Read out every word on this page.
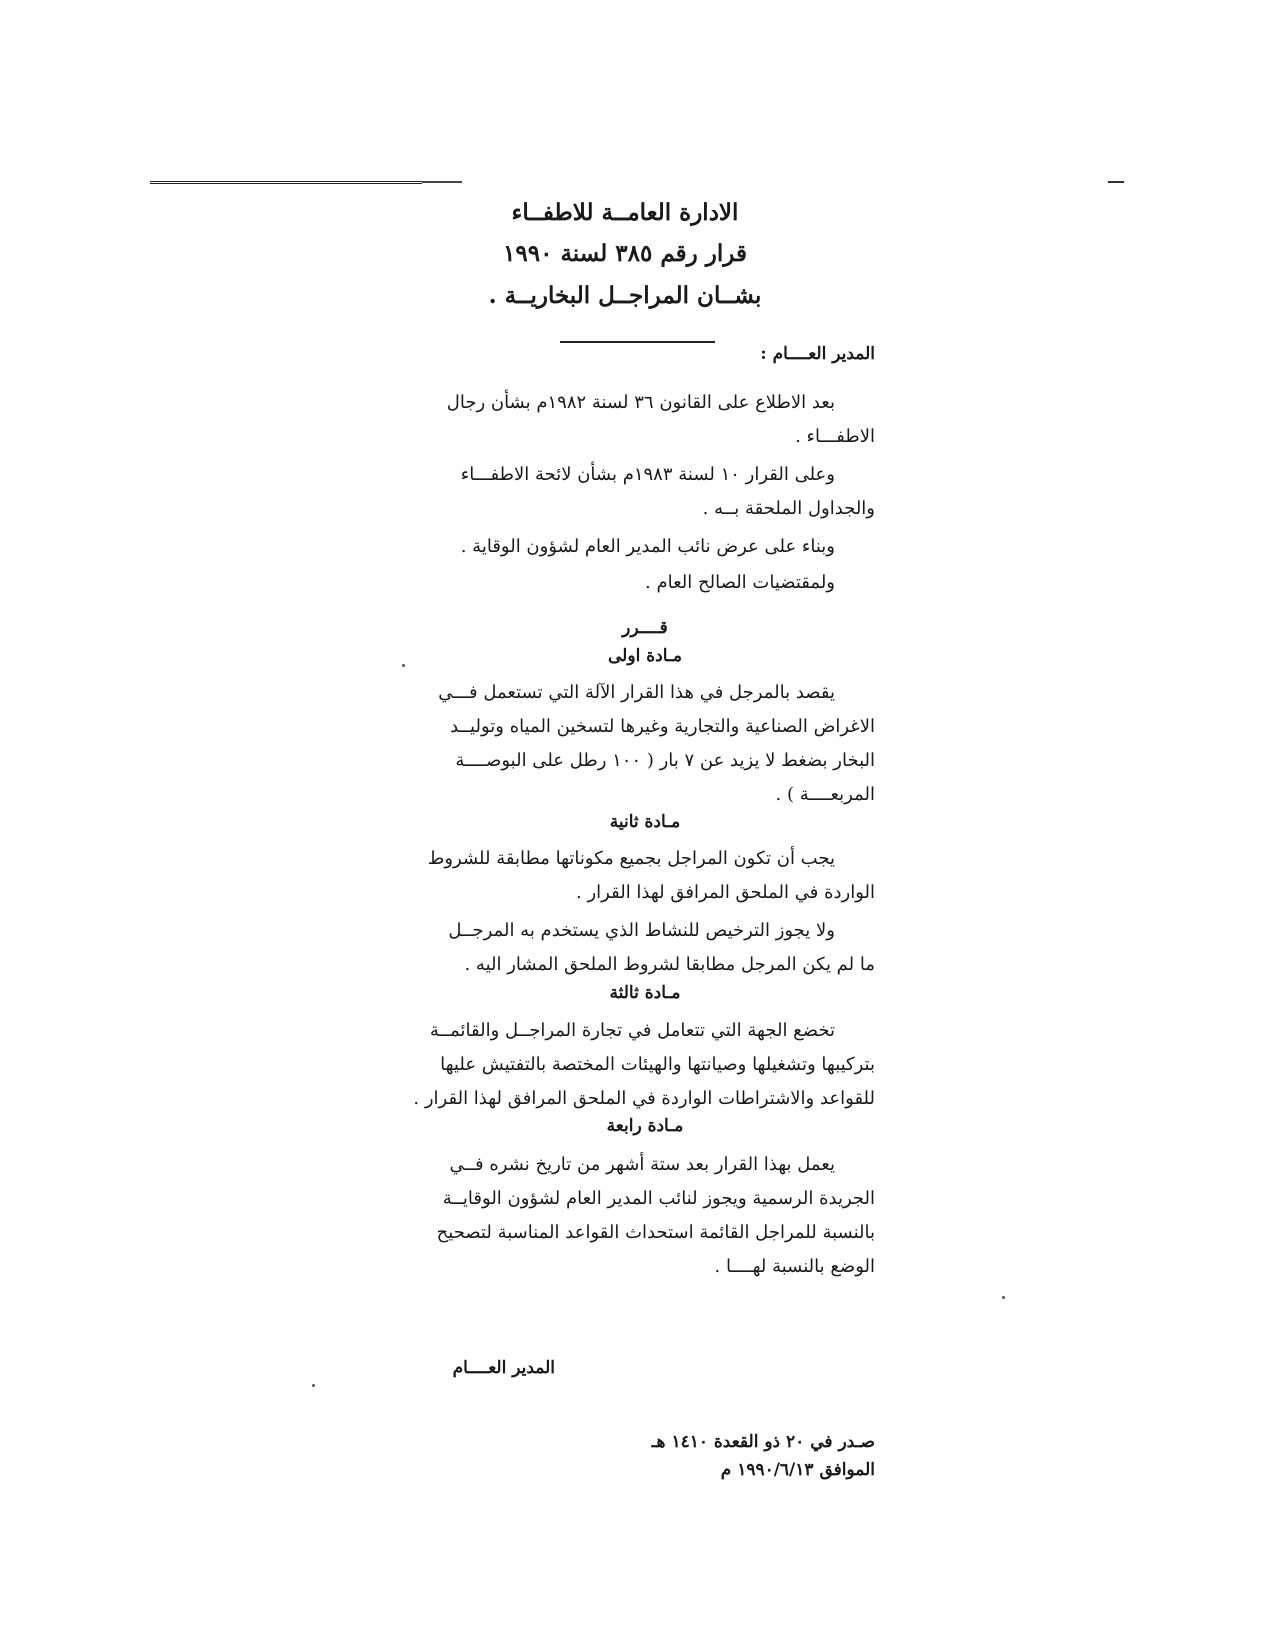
الادارة العامــة للاطفــاء
قرار رقم ٣٨٥ لسنة ١٩٩٠
بشــان المراجــل البخاريــة .
المدير العــــام :
بعد الاطلاع على القانون ٣٦ لسنة ١٩٨٢م بشأن رجال
الاطفـــاء .
وعلى القرار ١٠ لسنة ١٩٨٣م بشأن لائحة الاطفـــاء
والجداول الملحقة بــه .
وبناء على عرض نائب المدير العام لشؤون الوقاية .
ولمقتضيات الصالح العام .
قــــرر
مـادة اولى
يقصد بالمرجل في هذا القرار الآلة التي تستعمل فـــي
الاغراض الصناعية والتجارية وغيرها لتسخين المياه وتوليــد
البخار بضغط لا يزيد عن ٧ بار ( ١٠٠ رطل على البوصــــة
المربعــــة ) .
مـادة ثانية
يجب أن تكون المراجل بجميع مكوناتها مطابقة للشروط
الواردة في الملحق المرافق لهذا القرار .
ولا يجوز الترخيص للنشاط الذي يستخدم به المرجــل
ما لم يكن المرجل مطابقا لشروط الملحق المشار اليه .
مـادة ثالثة
تخضع الجهة التي تتعامل في تجارة المراجــل والقائمــة
بتركيبها وتشغيلها وصيانتها والهيئات المختصة بالتفتيش عليها
للقواعد والاشتراطات الواردة في الملحق المرافق لهذا القرار .
مـادة رابعة
يعمل بهذا القرار بعد ستة أشهر من تاريخ نشره فــي
الجريدة الرسمية ويجوز لنائب المدير العام لشؤون الوقايــة
بالنسبة للمراجل القائمة استحداث القواعد المناسبة لتصحيح
الوضع بالنسبة لهــــا .
المدير العــــام
صـدر في ٢٠ ذو القعدة ١٤١٠ هـ
الموافق ١٩٩٠/٦/١٣ م
